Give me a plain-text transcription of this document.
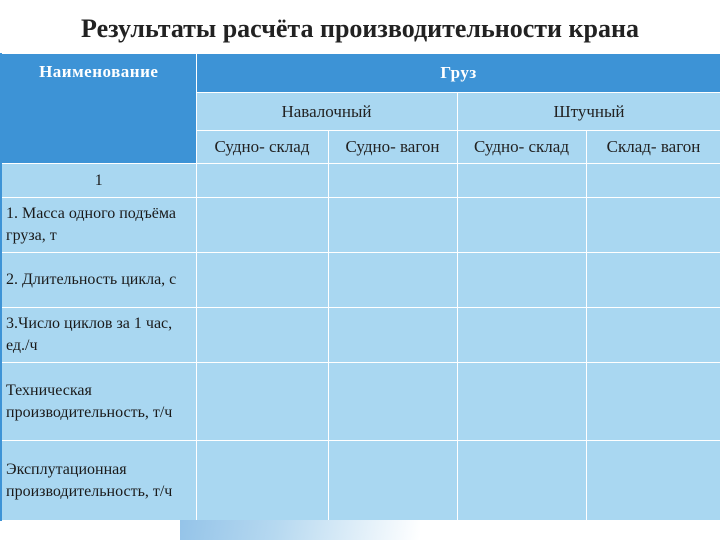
Результаты расчёта производительности крана
Наименование	Груз			
	Навалочный		Штучный	
	Судно- склад	Судно- вагон	Судно- склад	Склад- вагон
1				
1. Масса одного подъёма груза, т				
2. Длительность цикла, с				
3.Число циклов за 1 час, ед./ч				
Техническая производительность, т/ч				
Эксплутационная производительность, т/ч				
